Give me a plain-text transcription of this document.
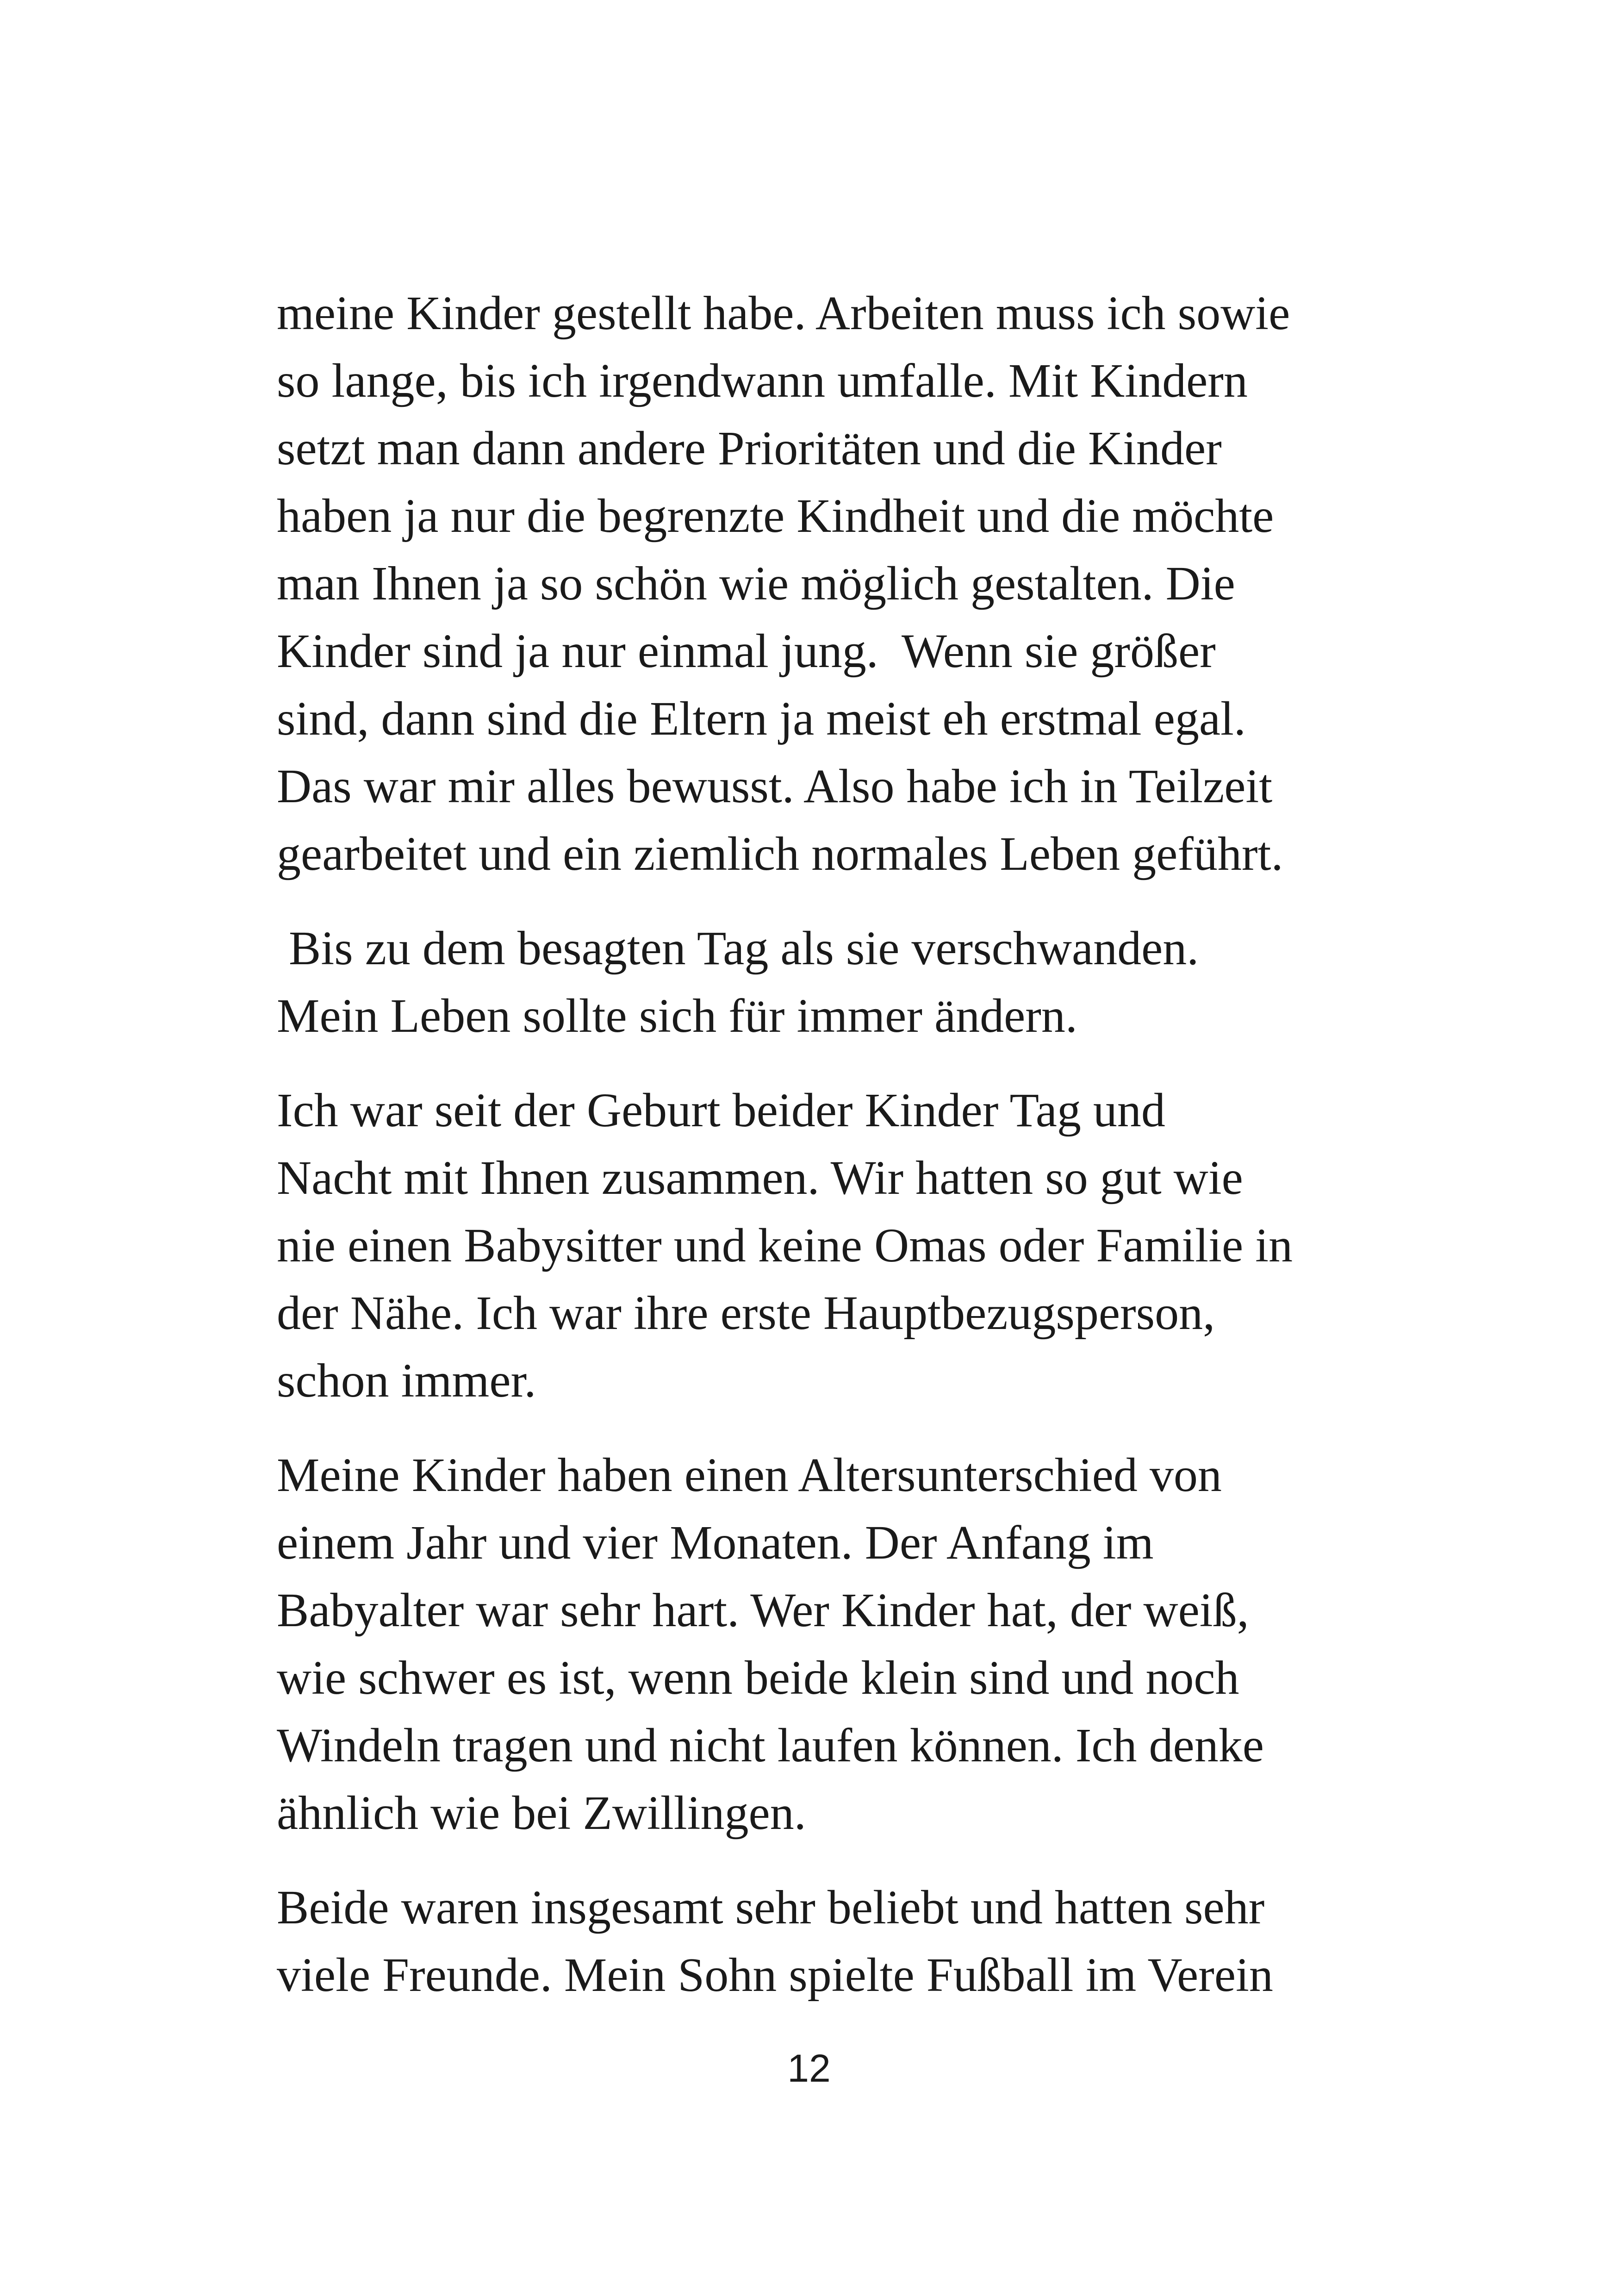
meine Kinder gestellt habe. Arbeiten muss ich sowie
so lange, bis ich irgendwann umfalle. Mit Kindern
setzt man dann andere Prioritäten und die Kinder
haben ja nur die begrenzte Kindheit und die möchte
man Ihnen ja so schön wie möglich gestalten. Die
Kinder sind ja nur einmal jung.  Wenn sie größer
sind, dann sind die Eltern ja meist eh erstmal egal.
Das war mir alles bewusst. Also habe ich in Teilzeit
gearbeitet und ein ziemlich normales Leben geführt.

Bis zu dem besagten Tag als sie verschwanden.
Mein Leben sollte sich für immer ändern.

Ich war seit der Geburt beider Kinder Tag und
Nacht mit Ihnen zusammen. Wir hatten so gut wie
nie einen Babysitter und keine Omas oder Familie in
der Nähe. Ich war ihre erste Hauptbezugsperson,
schon immer.

Meine Kinder haben einen Altersunterschied von
einem Jahr und vier Monaten. Der Anfang im
Babyalter war sehr hart. Wer Kinder hat, der weiß,
wie schwer es ist, wenn beide klein sind und noch
Windeln tragen und nicht laufen können. Ich denke
ähnlich wie bei Zwillingen.

Beide waren insgesamt sehr beliebt und hatten sehr
viele Freunde. Mein Sohn spielte Fußball im Verein

12
